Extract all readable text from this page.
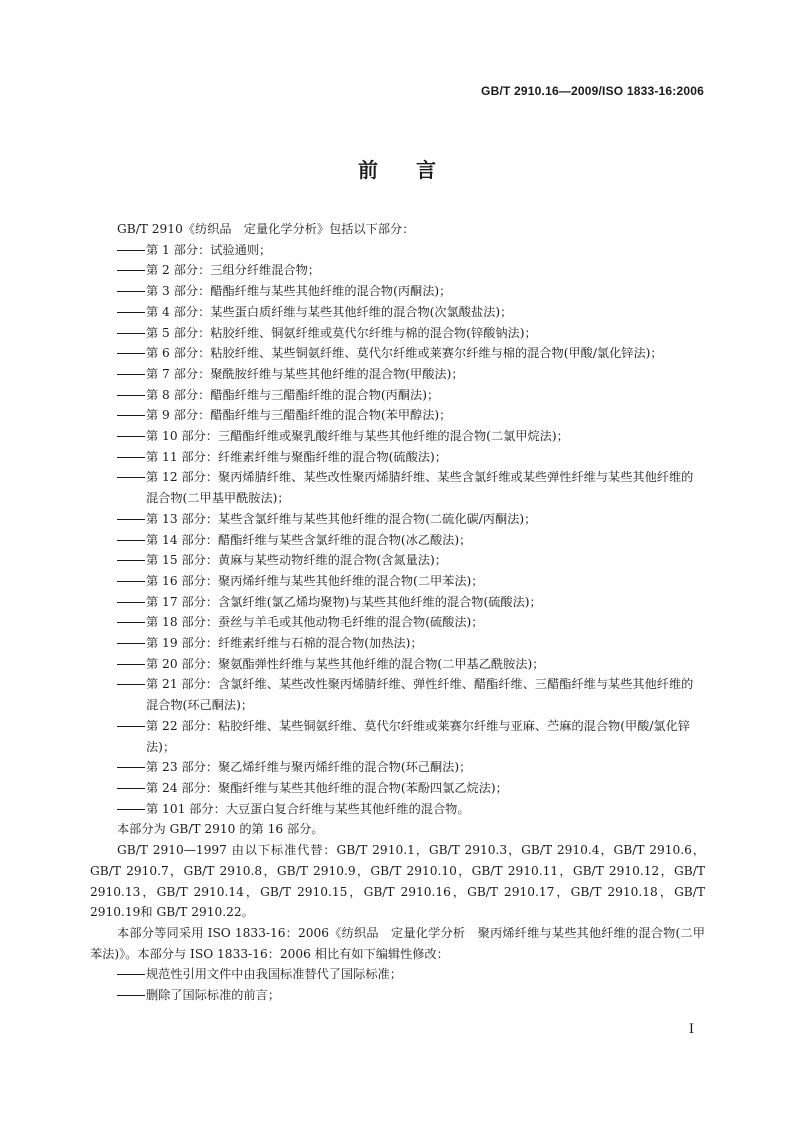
GB/T 2910.16—2009/ISO 1833-16:2006
前言
GB/T 2910《纺织品　定量化学分析》包括以下部分：
第 1 部分：试验通则；
第 2 部分：三组分纤维混合物；
第 3 部分：醋酯纤维与某些其他纤维的混合物(丙酮法)；
第 4 部分：某些蛋白质纤维与某些其他纤维的混合物(次氯酸盐法)；
第 5 部分：粘胶纤维、铜氨纤维或莫代尔纤维与棉的混合物(锌酸钠法)；
第 6 部分：粘胶纤维、某些铜氨纤维、莫代尔纤维或莱赛尔纤维与棉的混合物(甲酸/氯化锌法)；
第 7 部分：聚酰胺纤维与某些其他纤维的混合物(甲酸法)；
第 8 部分：醋酯纤维与三醋酯纤维的混合物(丙酮法)；
第 9 部分：醋酯纤维与三醋酯纤维的混合物(苯甲醇法)；
第 10 部分：三醋酯纤维或聚乳酸纤维与某些其他纤维的混合物(二氯甲烷法)；
第 11 部分：纤维素纤维与聚酯纤维的混合物(硫酸法)；
第 12 部分：聚丙烯腈纤维、某些改性聚丙烯腈纤维、某些含氯纤维或某些弹性纤维与某些其他纤维的混合物(二甲基甲酰胺法)；
第 13 部分：某些含氯纤维与某些其他纤维的混合物(二硫化碳/丙酮法)；
第 14 部分：醋酯纤维与某些含氯纤维的混合物(冰乙酸法)；
第 15 部分：黄麻与某些动物纤维的混合物(含氮量法)；
第 16 部分：聚丙烯纤维与某些其他纤维的混合物(二甲苯法)；
第 17 部分：含氯纤维(氯乙烯均聚物)与某些其他纤维的混合物(硫酸法)；
第 18 部分：蚕丝与羊毛或其他动物毛纤维的混合物(硫酸法)；
第 19 部分：纤维素纤维与石棉的混合物(加热法)；
第 20 部分：聚氨酯弹性纤维与某些其他纤维的混合物(二甲基乙酰胺法)；
第 21 部分：含氯纤维、某些改性聚丙烯腈纤维、弹性纤维、醋酯纤维、三醋酯纤维与某些其他纤维的混合物(环己酮法)；
第 22 部分：粘胶纤维、某些铜氨纤维、莫代尔纤维或莱赛尔纤维与亚麻、苎麻的混合物(甲酸/氯化锌法)；
第 23 部分：聚乙烯纤维与聚丙烯纤维的混合物(环己酮法)；
第 24 部分：聚酯纤维与某些其他纤维的混合物(苯酚四氯乙烷法)；
第 101 部分：大豆蛋白复合纤维与某些其他纤维的混合物。
本部分为 GB/T 2910 的第 16 部分。
GB/T 2910—1997 由以下标准代替：GB/T 2910.1，GB/T 2910.3，GB/T 2910.4，GB/T 2910.6，GB/T 2910.7，GB/T 2910.8，GB/T 2910.9，GB/T 2910.10，GB/T 2910.11，GB/T 2910.12，GB/T 2910.13，GB/T 2910.14，GB/T 2910.15，GB/T 2910.16，GB/T 2910.17，GB/T 2910.18，GB/T 2910.19和 GB/T 2910.22。
本部分等同采用 ISO 1833-16：2006《纺织品　定量化学分析　聚丙烯纤维与某些其他纤维的混合物(二甲苯法)》。本部分与 ISO 1833-16：2006 相比有如下编辑性修改：
规范性引用文件中由我国标准替代了国际标准；
删除了国际标准的前言；
I
